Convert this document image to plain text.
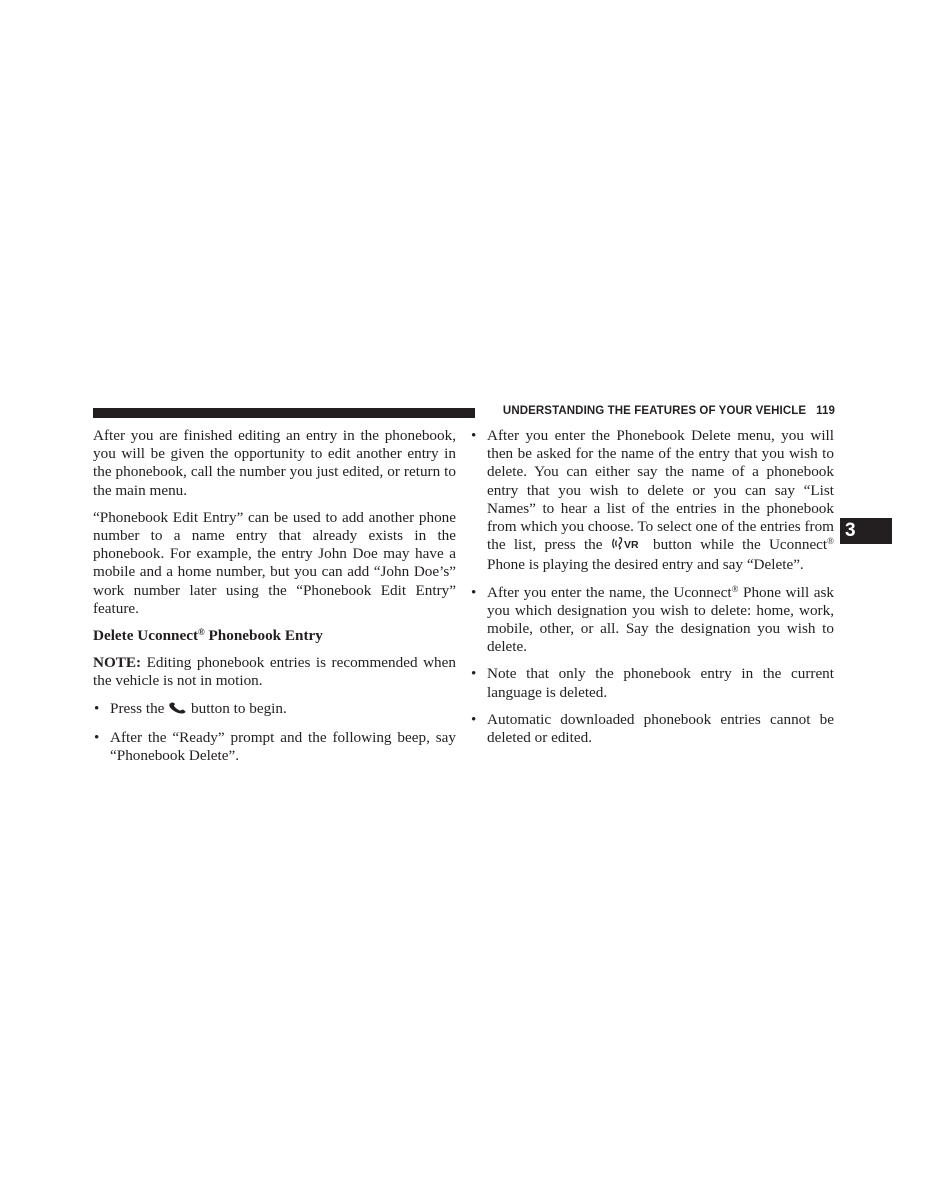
UNDERSTANDING THE FEATURES OF YOUR VEHICLE 119
3

After you are finished editing an entry in the phonebook, you will be given the opportunity to edit another entry in the phonebook, call the number you just edited, or return to the main menu.

“Phonebook Edit Entry” can be used to add another phone number to a name entry that already exists in the phonebook. For example, the entry John Doe may have a mobile and a home number, but you can add “John Doe’s” work number later using the “Phonebook Edit Entry” feature.

Delete Uconnect® Phonebook Entry

NOTE: Editing phonebook entries is recommended when the vehicle is not in motion.

• Press the  button to begin.
• After the “Ready” prompt and the following beep, say “Phonebook Delete”.
• After you enter the Phonebook Delete menu, you will then be asked for the name of the entry that you wish to delete. You can either say the name of a phonebook entry that you wish to delete or you can say “List Names” to hear a list of the entries in the phonebook from which you choose. To select one of the entries from the list, press the VR button while the Uconnect® Phone is playing the desired entry and say “Delete”.
• After you enter the name, the Uconnect® Phone will ask you which designation you wish to delete: home, work, mobile, other, or all. Say the designation you wish to delete.
• Note that only the phonebook entry in the current language is deleted.
• Automatic downloaded phonebook entries cannot be deleted or edited.
